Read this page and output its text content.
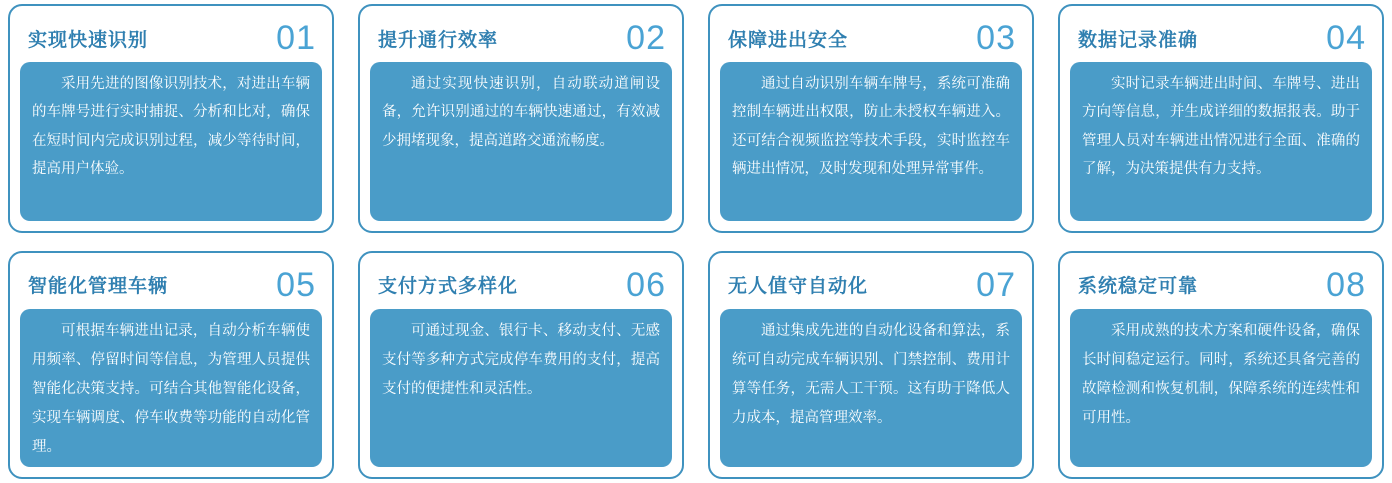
实现快速识别	01
采用先进的图像识别技术，对进出车辆的车牌号进行实时捕捉、分析和比对，确保在短时间内完成识别过程，减少等待时间，提高用户体验。
提升通行效率	02
通过实现快速识别，自动联动道闸设备，允许识别通过的车辆快速通过，有效减少拥堵现象，提高道路交通流畅度。
保障进出安全	03
通过自动识别车辆车牌号，系统可准确控制车辆进出权限，防止未授权车辆进入。还可结合视频监控等技术手段，实时监控车辆进出情况，及时发现和处理异常事件。
数据记录准确	04
实时记录车辆进出时间、车牌号、进出方向等信息，并生成详细的数据报表。助于管理人员对车辆进出情况进行全面、准确的了解，为决策提供有力支持。
智能化管理车辆	05
可根据车辆进出记录，自动分析车辆使用频率、停留时间等信息，为管理人员提供智能化决策支持。可结合其他智能化设备，实现车辆调度、停车收费等功能的自动化管理。
支付方式多样化	06
可通过现金、银行卡、移动支付、无感支付等多种方式完成停车费用的支付，提高支付的便捷性和灵活性。
无人值守自动化	07
通过集成先进的自动化设备和算法，系统可自动完成车辆识别、门禁控制、费用计算等任务，无需人工干预。这有助于降低人力成本，提高管理效率。
系统稳定可靠	08
采用成熟的技术方案和硬件设备，确保长时间稳定运行。同时，系统还具备完善的故障检测和恢复机制，保障系统的连续性和可用性。
